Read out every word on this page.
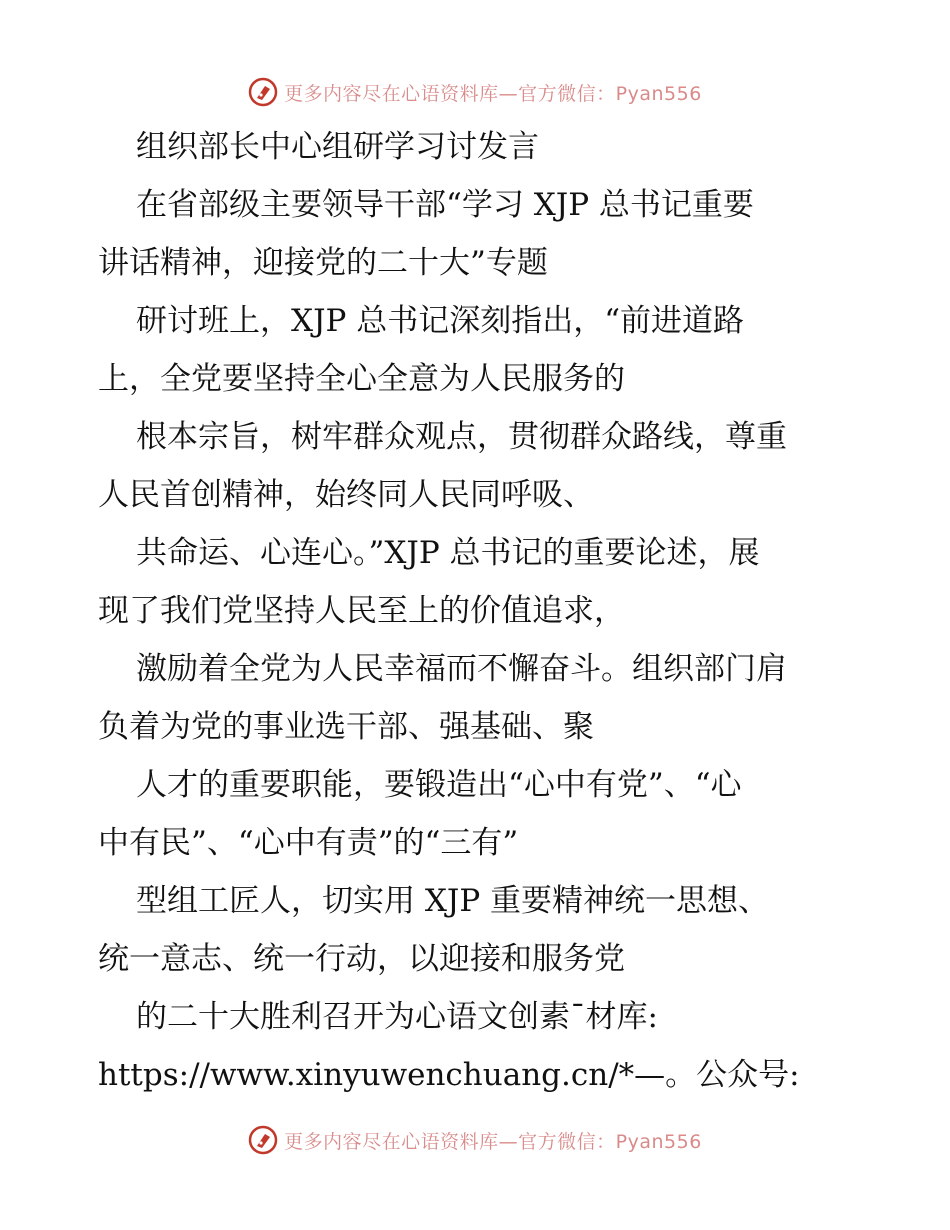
更多内容尽在心语资料库—官方微信：Pyan556
组织部长中心组研学习讨发言
在省部级主要领导干部“学习 XJP 总书记重要
讲话精神，迎接党的二十大”专题
研讨班上，XJP 总书记深刻指出，“前进道路
上，全党要坚持全心全意为人民服务的
根本宗旨，树牢群众观点，贯彻群众路线，尊重
人民首创精神，始终同人民同呼吸、
共命运、心连心。”XJP 总书记的重要论述，展
现了我们党坚持人民至上的价值追求，
激励着全党为人民幸福而不懈奋斗。组织部门肩
负着为党的事业选干部、强基础、聚
人才的重要职能，要锻造出“心中有党”、“心
中有民”、“心中有责”的“三有”
型组工匠人，切实用 XJP 重要精神统一思想、
统一意志、统一行动，以迎接和服务党
的二十大胜利召开为心语文创素¯材库:
https://www.xinyuwenchuang.cn/*—。公众号:
更多内容尽在心语资料库—官方微信：Pyan556
